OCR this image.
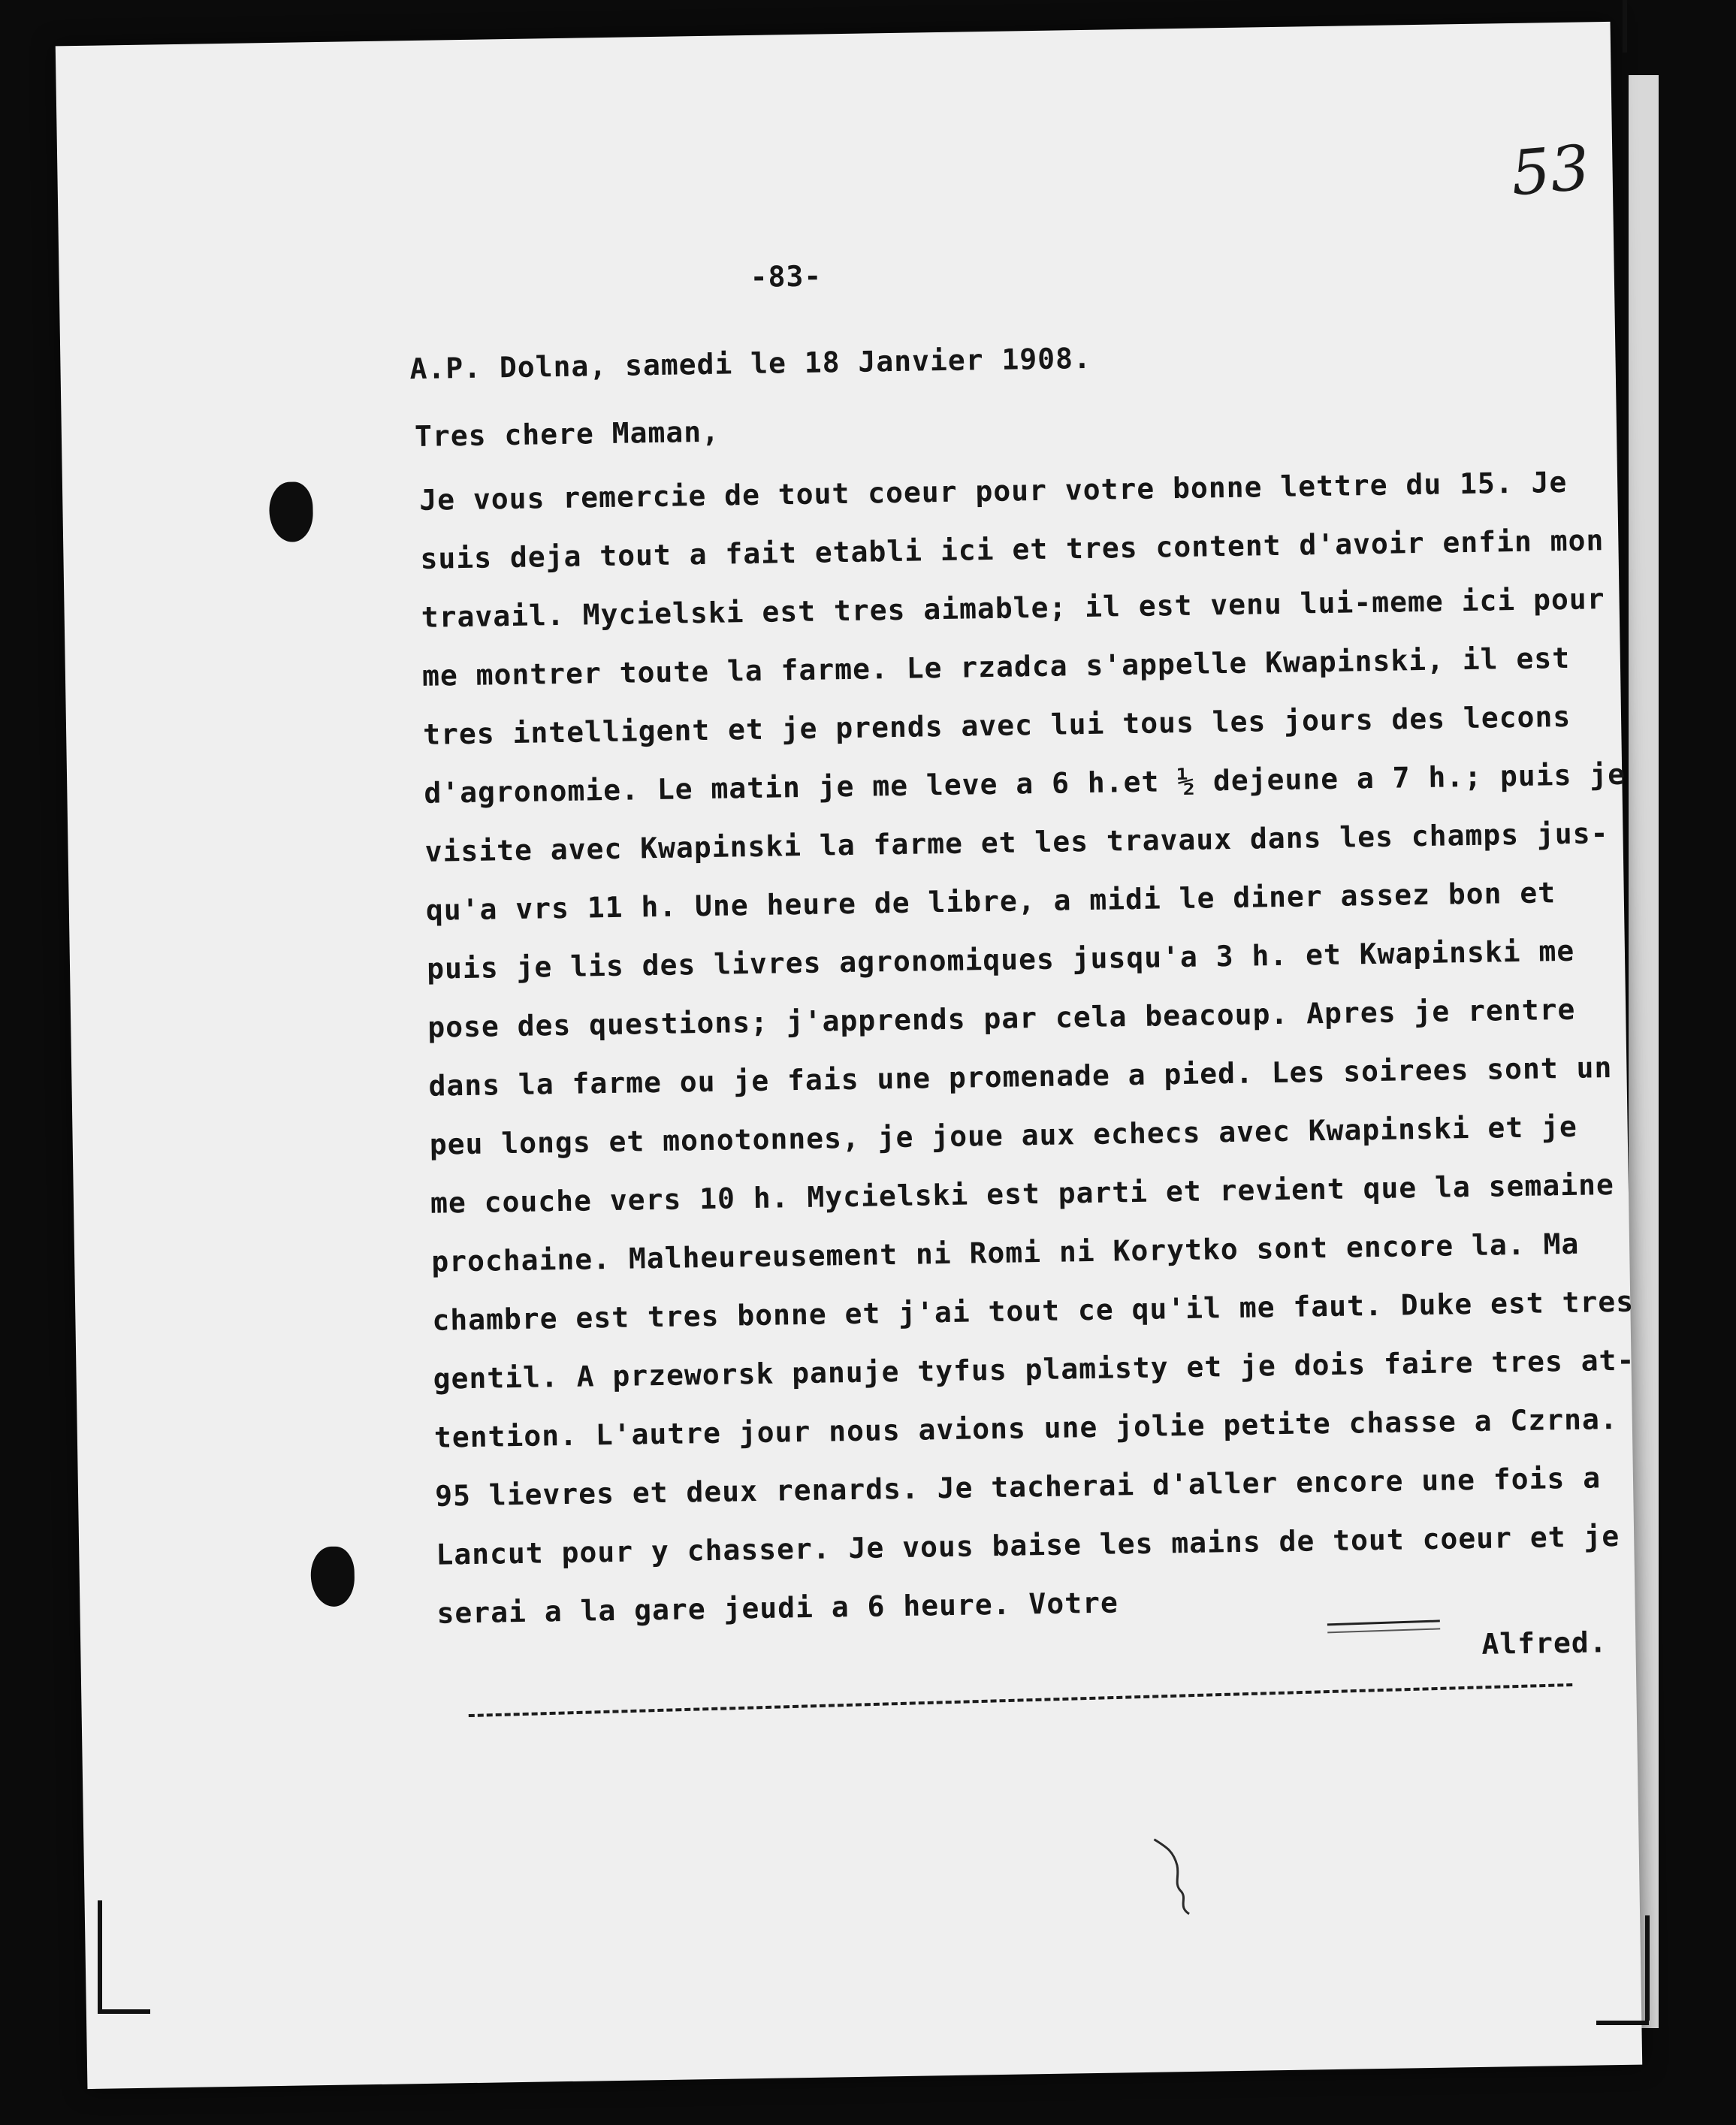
53
-83-
A.P. Dolna, samedi le 18 Janvier 1908.
Tres chere Maman,
Je vous remercie de tout coeur pour votre bonne lettre du 15. Je
suis deja tout a fait etabli ici et tres content d'avoir enfin mon
travail. Mycielski est tres aimable; il est venu lui-meme ici pour
me montrer toute la farme. Le rzadca s'appelle Kwapinski, il est
tres intelligent et je prends avec lui tous les jours des lecons
d'agronomie. Le matin je me leve a 6 h.et ½ dejeune a 7 h.; puis je
visite avec Kwapinski la farme et les travaux dans les champs jus-
qu'a vrs 11 h. Une heure de libre, a midi le diner assez bon et
puis je lis des livres agronomiques jusqu'a 3 h. et Kwapinski me
pose des questions; j'apprends par cela beacoup. Apres je rentre
dans la farme ou je fais une promenade a pied. Les soirees sont un
peu longs et monotonnes, je joue aux echecs avec Kwapinski et je
me couche vers 10 h. Mycielski est parti et revient que la semaine
prochaine. Malheureusement ni Romi ni Korytko sont encore la. Ma
chambre est tres bonne et j'ai tout ce qu'il me faut. Duke est tres
gentil. A przeworsk panuje tyfus plamisty et je dois faire tres at-
tention. L'autre jour nous avions une jolie petite chasse a Czrna.
95 lievres et deux renards. Je tacherai d'aller encore une fois a
Lancut pour y chasser. Je vous baise les mains de tout coeur et je
serai a la gare jeudi a 6 heure. Votre
Alfred.
